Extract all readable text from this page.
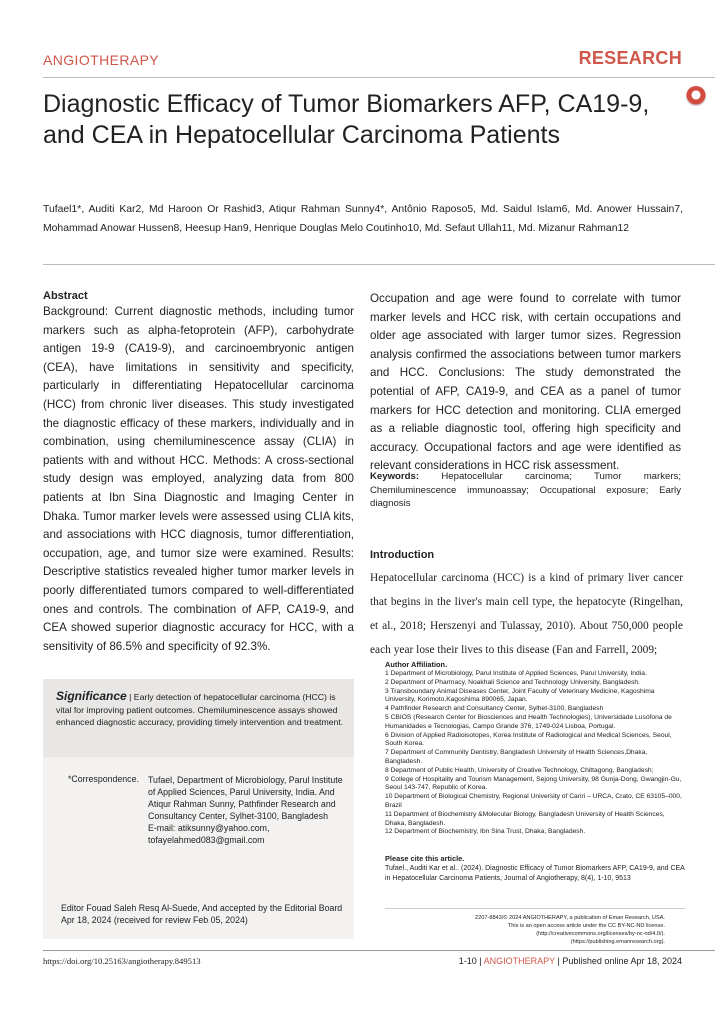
ANGIOTHERAPY	RESEARCH
Diagnostic Efficacy of Tumor Biomarkers AFP, CA19-9, and CEA in Hepatocellular Carcinoma Patients
Tufael1*, Auditi Kar2, Md Haroon Or Rashid3, Atiqur Rahman Sunny4*, Antônio Raposo5, Md. Saidul Islam6, Md. Anower Hussain7, Mohammad Anowar Hussen8, Heesup Han9, Henrique Douglas Melo Coutinho10, Md. Sefaut Ullah11, Md. Mizanur Rahman12
Abstract
Background: Current diagnostic methods, including tumor markers such as alpha-fetoprotein (AFP), carbohydrate antigen 19-9 (CA19-9), and carcinoembryonic antigen (CEA), have limitations in sensitivity and specificity, particularly in differentiating Hepatocellular carcinoma (HCC) from chronic liver diseases. This study investigated the diagnostic efficacy of these markers, individually and in combination, using chemiluminescence assay (CLIA) in patients with and without HCC. Methods: A cross-sectional study design was employed, analyzing data from 800 patients at Ibn Sina Diagnostic and Imaging Center in Dhaka. Tumor marker levels were assessed using CLIA kits, and associations with HCC diagnosis, tumor differentiation, occupation, age, and tumor size were examined. Results: Descriptive statistics revealed higher tumor marker levels in poorly differentiated tumors compared to well-differentiated ones and controls. The combination of AFP, CA19-9, and CEA showed superior diagnostic accuracy for HCC, with a sensitivity of 86.5% and specificity of 92.3%.
Occupation and age were found to correlate with tumor marker levels and HCC risk, with certain occupations and older age associated with larger tumor sizes. Regression analysis confirmed the associations between tumor markers and HCC. Conclusions: The study demonstrated the potential of AFP, CA19-9, and CEA as a panel of tumor markers for HCC detection and monitoring. CLIA emerged as a reliable diagnostic tool, offering high specificity and accuracy. Occupational factors and age were identified as relevant considerations in HCC risk assessment.
Keywords: Hepatocellular carcinoma; Tumor markers; Chemiluminescence immunoassay; Occupational exposure; Early diagnosis
Introduction
Hepatocellular carcinoma (HCC) is a kind of primary liver cancer that begins in the liver's main cell type, the hepatocyte (Ringelhan, et al., 2018; Herszenyi and Tulassay, 2010). About 750,000 people each year lose their lives to this disease (Fan and Farrell, 2009;
Significance | Early detection of hepatocellular carcinoma (HCC) is vital for improving patient outcomes. Chemiluminescence assays showed enhanced diagnostic accuracy, providing timely intervention and treatment.
*Correspondence. Tufael, Department of Microbiology, Parul Institute of Applied Sciences, Parul University, India. And Atiqur Rahman Sunny, Pathfinder Research and Consultancy Center, Sylhet-3100, Bangladesh
E-mail: atiksunny@yahoo.com,
tofayelahmed083@gmail.com
Editor Fouad Saleh Resq Al-Suede, And accepted by the Editorial Board Apr 18, 2024 (received for review Feb 05, 2024)
Author Affiliation.
1 Department of Microbiology, Parul Institute of Applied Sciences, Parul University, India.
2 Department of Pharmacy, Noakhali Science and Technology University, Bangladesh.
3 Transboundary Animal Diseases Center, Joint Faculty of Veterinary Medicine, Kagoshima University, Korimoto,Kagoshima 890065, Japan.
4 Pathfinder Research and Consultancy Center, Sylhet-3100, Bangladesh
5 CBIOS (Research Center for Biosciences and Health Technologies), Universidade Lusófona de Humanidades e Tecnologias, Campo Grande 376, 1749-024 Lisboa, Portugal.
6 Division of Applied Radioisotopes, Korea Institute of Radiological and Medical Sciences, Seoul, South Korea.
7 Department of Community Dentistry, Bangladesh University of Health Sciences,Dhaka, Bangladesh.
8 Department of Public Health, University of Creative Technology, Chittagong, Bangladesh;
9 College of Hospitality and Tourism Management, Sejong University, 98 Gunja-Dong, Gwangjin-Gu, Seoul 143-747, Republic of Korea.
10 Department of Biological Chemistry, Regional University of Cariri – URCA, Crato, CE 63105–000, Brazil
11 Department of Biochemistry &Molecular Biology, Bangladesh University of Health Sciences, Dhaka, Bangladesh.
12 Department of Biochemistry, Ibn Sina Trust, Dhaka, Bangladesh.
Please cite this article.
Tufael., Auditi Kar et al.. (2024). Diagnostic Efficacy of Tumor Biomarkers AFP, CA19-9, and CEA in Hepatocellular Carcinoma Patients, Journal of Angiotherapy, 8(4), 1-10, 9513
2207-8843/© 2024 ANGIOTHERAPY, a publication of Eman Research, USA.
This is an open access article under the CC BY-NC-ND license.
(http://creativecommons.org/licenses/by-nc-nd/4.0/).
(https://publishing.emanresearch.org).
https://doi.org/10.25163/angiotherapy.849513	1-10 | ANGIOTHERAPY | Published online Apr 18, 2024
